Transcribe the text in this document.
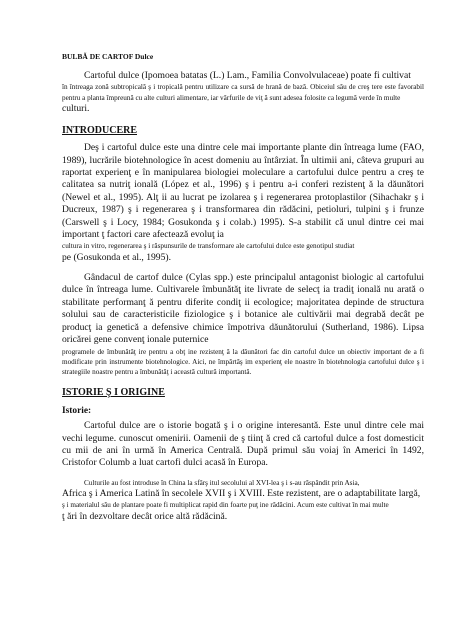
BULBĂ DE CARTOF Dulce

Cartoful dulce (Ipomoea batatas (L.) Lam., Familia Convolvulaceae) poate fi cultivat

în întreaga zonă subtropicală ş i tropicală pentru utilizare ca sursă de hrană de bază. Obiceiul său de creş tere este favorabil pentru a planta împreună cu alte culturi alimentare, iar vârfurile de viţ ă sunt adesea folosite ca legumă verde în multe

culturi.

INTRODUCERE

Deş i cartoful dulce este una dintre cele mai importante plante din întreaga lume (FAO, 1989), lucrările biotehnologice în acest domeniu au întârziat. În ultimii ani, câteva grupuri au raportat experienţ e în manipularea biologiei moleculare a cartofului dulce pentru a creş te calitatea sa nutriţ ională (López et al., 1996) ş i pentru a-i conferi rezistenţ ă la dăunători (Newel et al., 1995). Alţ ii au lucrat pe izolarea ş i regenerarea protoplastilor (Sihachakr ş i Ducreux, 1987) ş i regenerarea ş i transformarea din rădăcini, petioluri, tulpini ş i frunze (Carswell ş i Locy, 1984; Gosukonda ş i colab.) 1995). S-a stabilit că unul dintre cei mai important ţ factori care afectează evoluţ ia

cultura in vitro, regenerarea ş i răspunsurile de transformare ale cartofului dulce este genotipul studiat

pe (Gosukonda et al., 1995).

Gândacul de cartof dulce (Cylas spp.) este principalul antagonist biologic al cartofului dulce în întreaga lume. Cultivarele îmbunătăţ ite livrate de selecţ ia tradiţ ională nu arată o stabilitate performanţ ă pentru diferite condiţ ii ecologice; majoritatea depinde de structura solului sau de caracteristicile fiziologice ş i botanice ale cultivării mai degrabă decât pe producţ ia genetică a defensive chimice împotriva dăunătorului (Sutherland, 1986). Lipsa oricărei gene convenţ ionale puternice

programele de îmbunătăţ ire pentru a obţ ine rezistenţ ă la dăunători fac din cartoful dulce un obiectiv important de a fi modificate prin instrumente biotehnologice. Aici, ne împărtăş im experienţ ele noastre în biotehnologia cartofului dulce ş i strategiile noastre pentru a îmbunătăţ i această cultură importantă.

ISTORIE Ş I ORIGINE
Istorie:

Cartoful dulce are o istorie bogată ş i o origine interesantă. Este unul dintre cele mai vechi legume. cunoscut omenirii. Oamenii de ş tiinţ ă cred că cartoful dulce a fost domesticit cu mii de ani în urmă în America Centrală. După primul său voiaj în Americi în 1492, Cristofor Columb a luat cartofi dulci acasă în Europa.

Culturile au fost introduse în China la sfârş itul secolului al XVI-lea ş i s-au răspândit prin Asia,

Africa ş i America Latină în secolele XVII ş i XVIII. Este rezistent, are o adaptabilitate largă,

ş i materialul său de plantare poate fi multiplicat rapid din foarte puţ ine rădăcini. Acum este cultivat în mai multe

ţ ări în dezvoltare decât orice altă rădăcină.
